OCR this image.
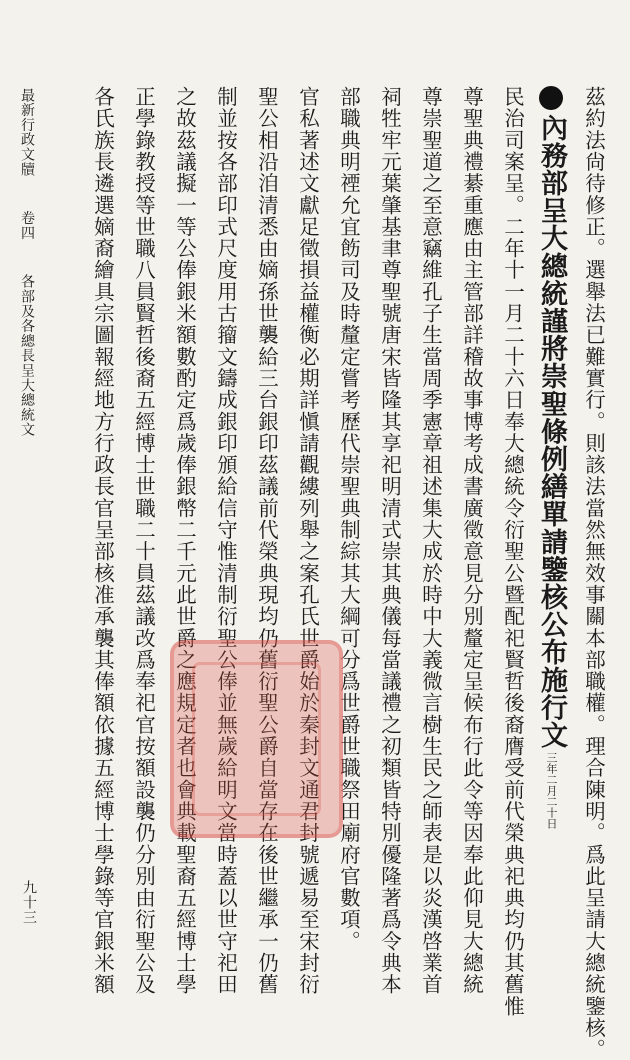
茲約法尙待修正。選舉法已難實行。則該法當然無效事關本部職權。理合陳明。爲此呈請大總統鑒核。
內務部呈大總統謹將崇聖條例繕單請鑒核公布施行文三年二月二十日
民治司案呈。二年十一月二十六日奉大總統令衍聖公暨配祀賢哲後裔膺受前代榮典祀典均仍其舊惟
尊聖典禮綦重應由主管部詳稽故事博考成書廣徵意見分別釐定呈候布行此令等因奉此仰見大總統
尊崇聖道之至意竊維孔子生當周季憲章祖述集大成於時中大義微言樹生民之師表是以炎漢啓業首
祠牲牢元葉肇基聿尊聖號唐宋皆隆其享祀明清式崇其典儀每當議禮之初類皆特別優隆著爲令典本
部職典明禋允宜飭司及時釐定嘗考歷代崇聖典制綜其大綱可分爲世爵世職祭田廟府官數項。
官私著述文獻足徵損益權衡必期詳愼請觀縷列舉之案孔氏世爵始於秦封文通君封號遞易至宋封衍
聖公相沿洎清悉由嫡孫世襲給三台銀印茲議前代榮典現均仍舊衍聖公爵自當存在後世繼承一仍舊
制並按各部印式尺度用古籀文鑄成銀印頒給信守惟清制衍聖公俸並無歲給明文當時蓋以世守祀田
之故茲議擬一等公俸銀米額數酌定爲歲俸銀幣二千元此世爵之應規定者也會典載聖裔五經博士學
正學錄教授等世職八員賢哲後裔五經博士世職二十員茲議改爲奉祀官按額設襲仍分別由衍聖公及
各氏族長遴選嫡裔繪具宗圖報經地方行政長官呈部核准承襲其俸額依據五經博士學錄等官銀米額
最新行政文牘卷四各部及各總長呈大總統文
九十三
